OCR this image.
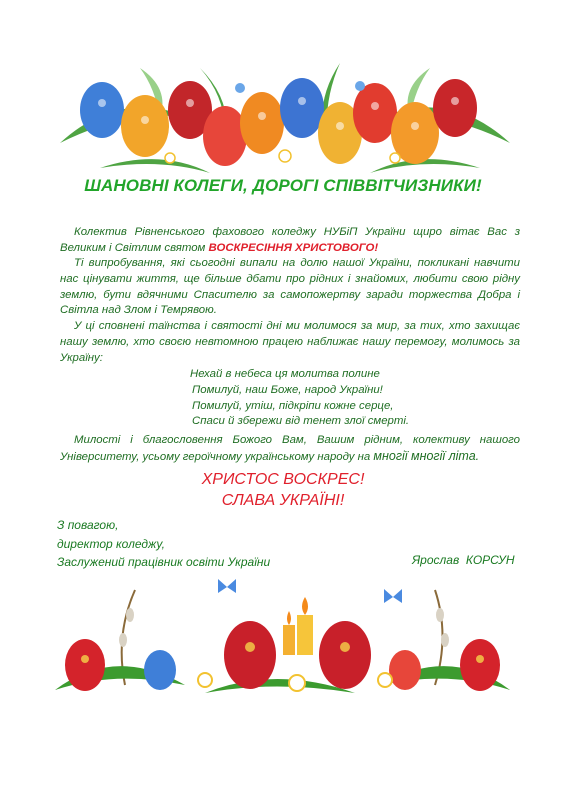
ШАНОВНІ КОЛЕГИ, ДОРОГІ СПІВВІТЧИЗНИКИ!
Колектив Рівненського фахового коледжу НУБіП України щиро вітає Вас з Великим і Світлим святом ВОСКРЕСІННЯ ХРИСТОВОГО!
Ті випробування, які сьогодні випали на долю нашої України, покликані навчити нас цінувати життя, ще більше дбати про рідних і знайомих, любити свою рідну землю, бути вдячними Спасителю за самопожертву заради торжества Добра і Світла над Злом і Темрявою.
У ці сповнені таїнства і святості дні ми молимося за мир, за тих, хто захищає нашу землю, хто своєю невтомною працею наближає нашу перемогу, молимось за Україну:
Нехай в небеса ця молитва полине
Помилуй, наш Боже, народ України!
Помилуй, утіш, підкріпи кожне серце,
Спаси й збережи від тенет злої смерті.
Милості і благословення Божого Вам, Вашим рідним, колективу нашого Університету, усьому героїчному українському народу на многії многії літа.
ХРИСТОС ВОСКРЕС!
СЛАВА УКРАЇНІ!
З повагою,
директор коледжу,
Заслужений працівник освіти України	Ярослав  КОРСУН
